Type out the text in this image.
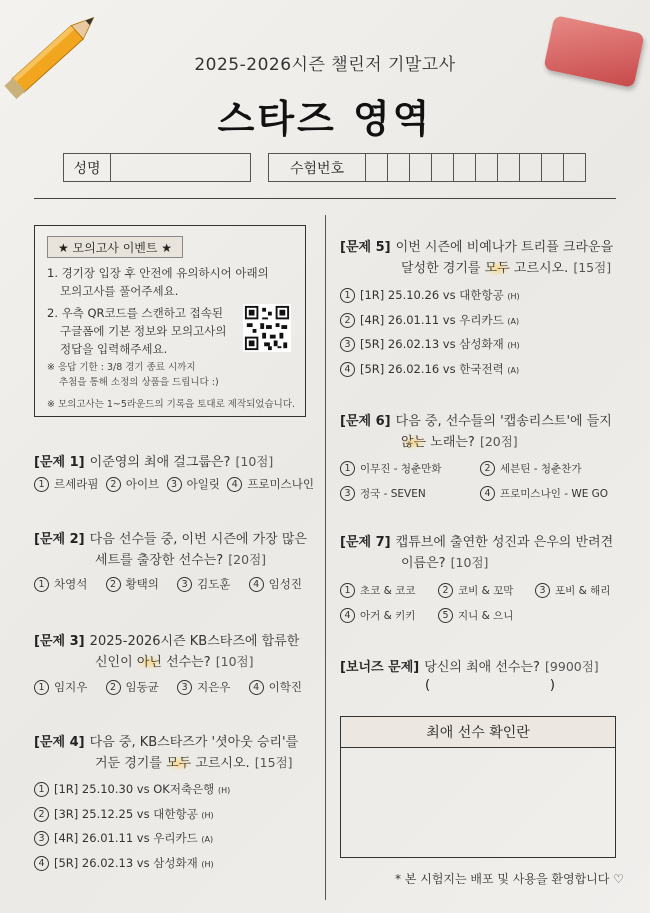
2025-2026시즌 챌린저 기말고사
스타즈 영역
성명	수험번호
★ 모의고사 이벤트 ★
1. 경기장 입장 후 안전에 유의하시어 아래의
모의고사를 풀어주세요.
2. 우측 QR코드를 스캔하고 접속된
구글폼에 기본 정보와 모의고사의
정답을 입력해주세요.
※ 응답 기한 : 3/8 경기 종료 시까지
추첨을 통해 소정의 상품을 드립니다 :)
※ 모의고사는 1~5라운드의 기록을 토대로 제작되었습니다.
[문제 1] 이준영의 최애 걸그룹은? [10점]
1 르세라핌	2 아이브	3 아일릿	4 프로미스나인
[문제 2] 다음 선수들 중, 이번 시즌에 가장 많은
세트를 출장한 선수는? [20점]
1 차영석	2 황택의	3 김도훈	4 임성진
[문제 3] 2025-2026시즌 KB스타즈에 합류한
신인이 아닌 선수는? [10점]
1 임지우	2 임동균	3 지은우	4 이학진
[문제 4] 다음 중, KB스타즈가 '셧아웃 승리'를
거둔 경기를 모두 고르시오. [15점]
1 [1R] 25.10.30 vs OK저축은행 (H)
2 [3R] 25.12.25 vs 대한항공 (H)
3 [4R] 26.01.11 vs 우리카드 (A)
4 [5R] 26.02.13 vs 삼성화재 (H)
[문제 5] 이번 시즌에 비예나가 트리플 크라운을
달성한 경기를 모두 고르시오. [15점]
1 [1R] 25.10.26 vs 대한항공 (H)
2 [4R] 26.01.11 vs 우리카드 (A)
3 [5R] 26.02.13 vs 삼성화재 (H)
4 [5R] 26.02.16 vs 한국전력 (A)
[문제 6] 다음 중, 선수들의 '캡송리스트'에 들지
않는 노래는? [20점]
1 이무진 - 청춘만화	2 세븐틴 - 청춘찬가
3 정국 - SEVEN	4 프로미스나인 - WE GO
[문제 7] 캡튜브에 출연한 성진과 은우의 반려견
이름은? [10점]
1 초코 & 코코	2 코비 & 꼬막	3 포비 & 해리
4 아거 & 키키	5 지니 & 으니
[보너즈 문제] 당신의 최애 선수는? [9900점]
(	)
최애 선수 확인란
* 본 시험지는 배포 및 사용을 환영합니다 ♡
